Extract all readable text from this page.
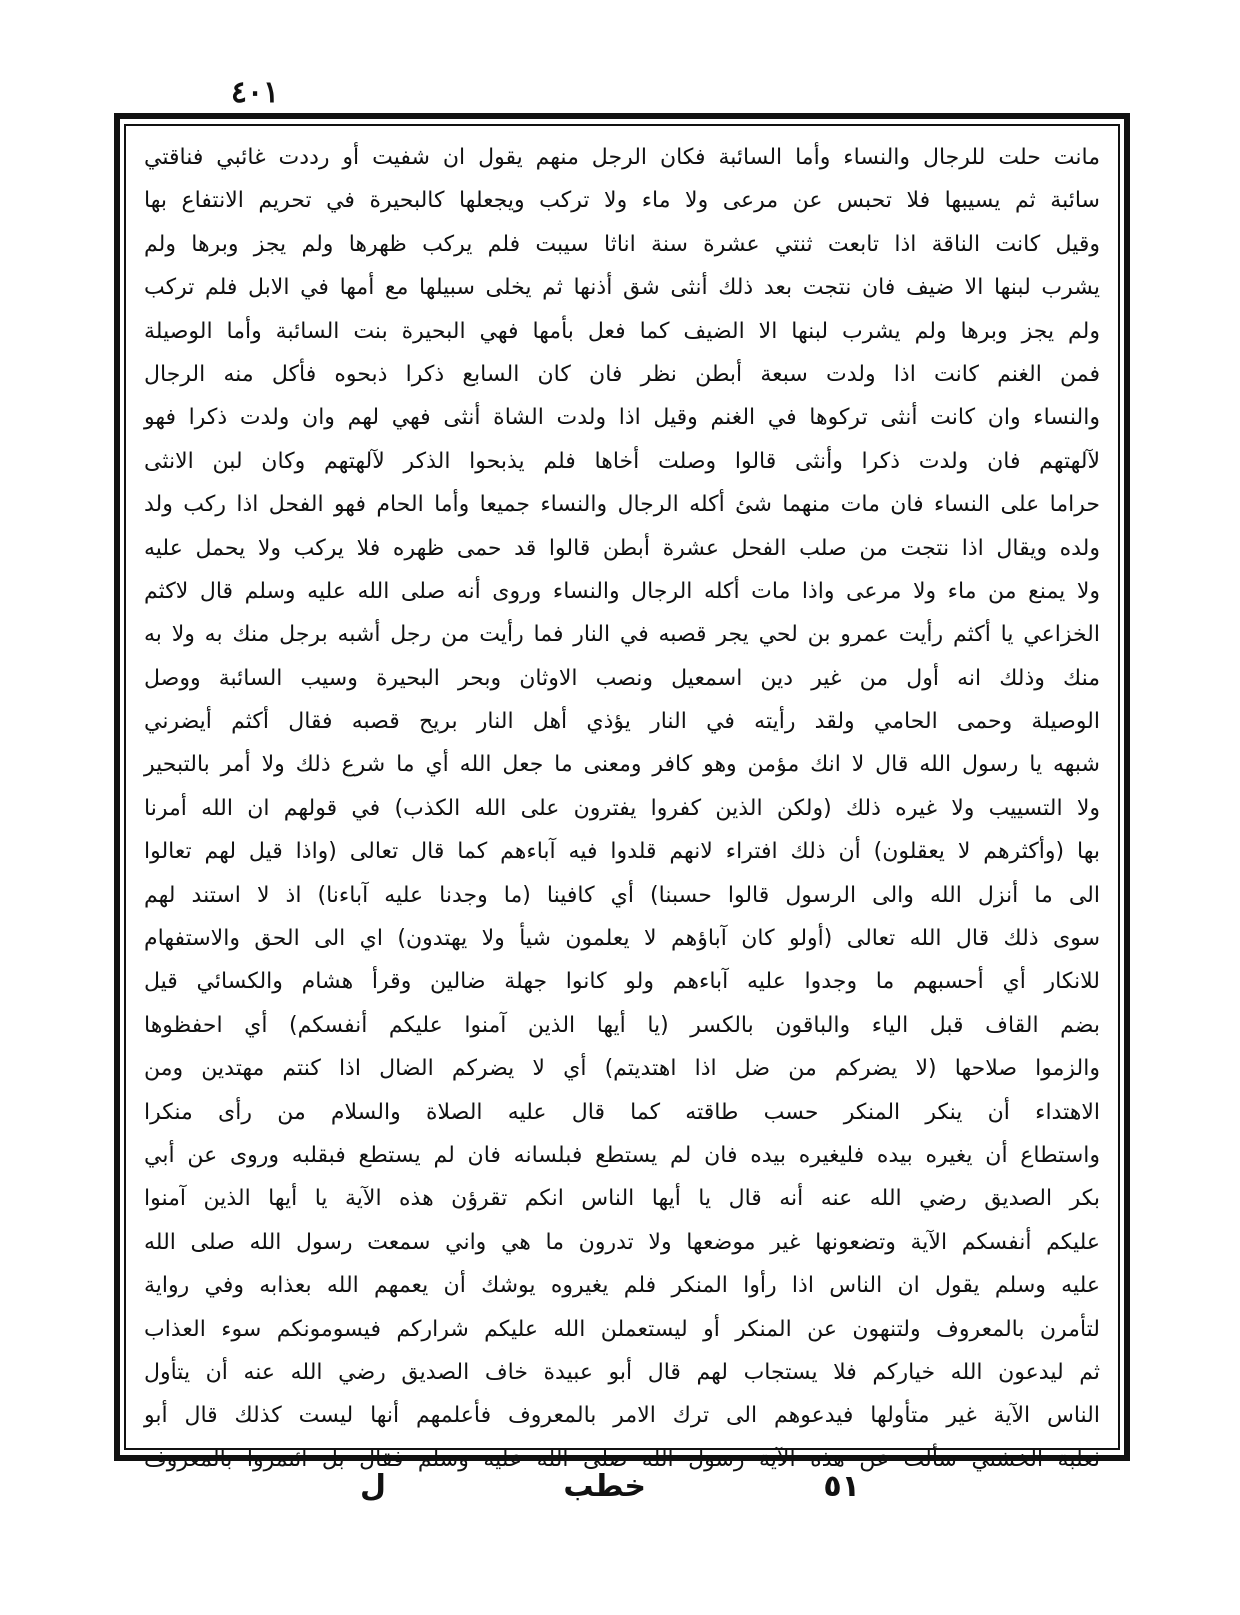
٤٠١
مانت حلت للرجال والنساء وأما السائبة فكان الرجل منهم يقول ان شفيت أو رددت غائبي فناقتي
سائبة ثم يسيبها فلا تحبس عن مرعى ولا ماء ولا تركب ويجعلها كالبحيرة في تحريم الانتفاع بها
وقيل كانت الناقة اذا تابعت ثنتي عشرة سنة اناثا سيبت فلم يركب ظهرها ولم يجز وبرها ولم
يشرب لبنها الا ضيف فان نتجت بعد ذلك أنثى شق أذنها ثم يخلى سبيلها مع أمها في الابل فلم تركب
ولم يجز وبرها ولم يشرب لبنها الا الضيف كما فعل بأمها فهي البحيرة بنت السائبة وأما الوصيلة
فمن الغنم كانت اذا ولدت سبعة أبطن نظر فان كان السابع ذكرا ذبحوه فأكل منه الرجال
والنساء وان كانت أنثى تركوها في الغنم وقيل اذا ولدت الشاة أنثى فهي لهم وان ولدت ذكرا فهو
لآلهتهم فان ولدت ذكرا وأنثى قالوا وصلت أخاها فلم يذبحوا الذكر لآلهتهم وكان لبن الانثى
حراما على النساء فان مات منهما شئ أكله الرجال والنساء جميعا وأما الحام فهو الفحل اذا ركب ولد
ولده ويقال اذا نتجت من صلب الفحل عشرة أبطن قالوا قد حمى ظهره فلا يركب ولا يحمل عليه
ولا يمنع من ماء ولا مرعى واذا مات أكله الرجال والنساء وروى أنه صلى الله عليه وسلم قال لاكثم
الخزاعي يا أكثم رأيت عمرو بن لحي يجر قصبه في النار فما رأيت من رجل أشبه برجل منك به ولا به
منك وذلك انه أول من غير دين اسمعيل ونصب الاوثان وبحر البحيرة وسيب السائبة ووصل
الوصيلة وحمى الحامي ولقد رأيته في النار يؤذي أهل النار بريح قصبه فقال أكثم أيضرني
شبهه يا رسول الله قال لا انك مؤمن وهو كافر ومعنى ما جعل الله أي ما شرع ذلك ولا أمر بالتبحير
ولا التسييب ولا غيره ذلك (ولكن الذين كفروا يفترون على الله الكذب) في قولهم ان الله أمرنا
بها (وأكثرهم لا يعقلون) أن ذلك افتراء لانهم قلدوا فيه آباءهم كما قال تعالى (واذا قيل لهم تعالوا
الى ما أنزل الله والى الرسول قالوا حسبنا) أي كافينا (ما وجدنا عليه آباءنا) اذ لا استند لهم
سوى ذلك قال الله تعالى (أولو كان آباؤهم لا يعلمون شيأ ولا يهتدون) اي الى الحق والاستفهام
للانكار أي أحسبهم ما وجدوا عليه آباءهم ولو كانوا جهلة ضالين وقرأ هشام والكسائي قيل
بضم القاف قبل الياء والباقون بالكسر (يا أيها الذين آمنوا عليكم أنفسكم) أي احفظوها
والزموا صلاحها (لا يضركم من ضل اذا اهتديتم) أي لا يضركم الضال اذا كنتم مهتدين ومن
الاهتداء أن ينكر المنكر حسب طاقته كما قال عليه الصلاة والسلام من رأى منكرا
واستطاع أن يغيره بيده فليغيره بيده فان لم يستطع فبلسانه فان لم يستطع فبقلبه وروى عن أبي
بكر الصديق رضي الله عنه أنه قال يا أيها الناس انكم تقرؤن هذه الآية يا أيها الذين آمنوا
عليكم أنفسكم الآية وتضعونها غير موضعها ولا تدرون ما هي واني سمعت رسول الله صلى الله
عليه وسلم يقول ان الناس اذا رأوا المنكر فلم يغيروه يوشك أن يعمهم الله بعذابه وفي رواية
لتأمرن بالمعروف ولتنهون عن المنكر أو ليستعملن الله عليكم شراركم فيسومونكم سوء العذاب
ثم ليدعون الله خياركم فلا يستجاب لهم قال أبو عبيدة خاف الصديق رضي الله عنه أن يتأول
الناس الآية غير متأولها فيدعوهم الى ترك الامر بالمعروف فأعلمهم أنها ليست كذلك قال أبو
ثعلبة الخشني سألت عن هذه الآية رسول الله صلى الله عليه وسلم فقال بل ائتمروا بالمعروف
٥١
خطب
ل
